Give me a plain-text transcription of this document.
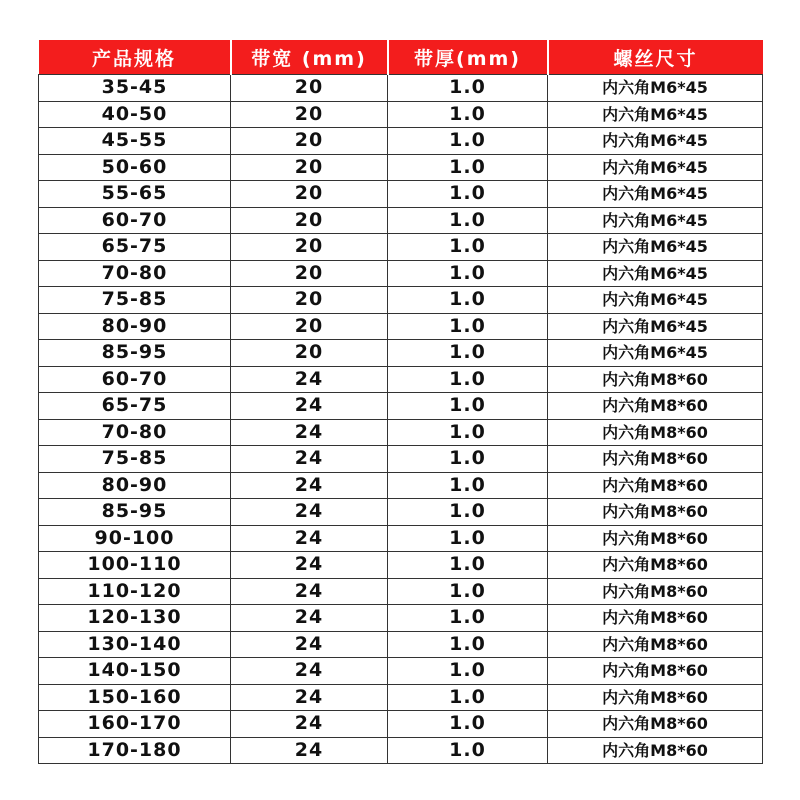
产品规格	带宽 (mm)	带厚(mm)	螺丝尺寸
35-45	20	1.0	内六角M6*45
40-50	20	1.0	内六角M6*45
45-55	20	1.0	内六角M6*45
50-60	20	1.0	内六角M6*45
55-65	20	1.0	内六角M6*45
60-70	20	1.0	内六角M6*45
65-75	20	1.0	内六角M6*45
70-80	20	1.0	内六角M6*45
75-85	20	1.0	内六角M6*45
80-90	20	1.0	内六角M6*45
85-95	20	1.0	内六角M6*45
60-70	24	1.0	内六角M8*60
65-75	24	1.0	内六角M8*60
70-80	24	1.0	内六角M8*60
75-85	24	1.0	内六角M8*60
80-90	24	1.0	内六角M8*60
85-95	24	1.0	内六角M8*60
90-100	24	1.0	内六角M8*60
100-110	24	1.0	内六角M8*60
110-120	24	1.0	内六角M8*60
120-130	24	1.0	内六角M8*60
130-140	24	1.0	内六角M8*60
140-150	24	1.0	内六角M8*60
150-160	24	1.0	内六角M8*60
160-170	24	1.0	内六角M8*60
170-180	24	1.0	内六角M8*60
